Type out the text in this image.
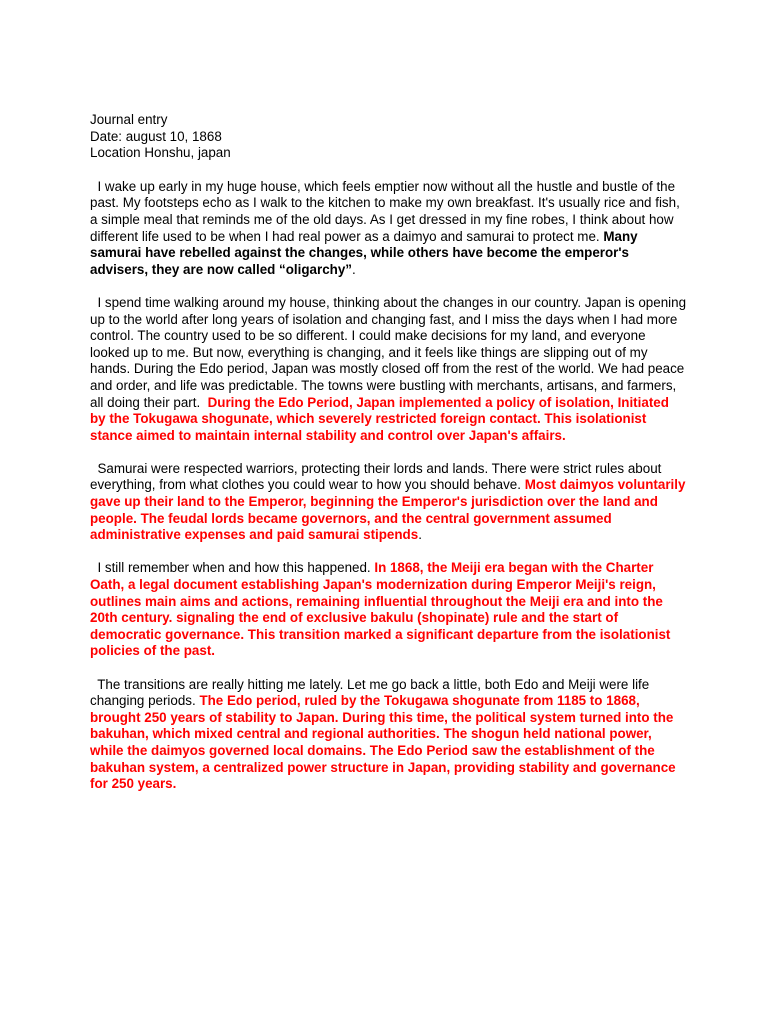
Journal entry
Date: august 10, 1868
Location Honshu, japan

I wake up early in my huge house, which feels emptier now without all the hustle and bustle of the past. My footsteps echo as I walk to the kitchen to make my own breakfast. It's usually rice and fish, a simple meal that reminds me of the old days. As I get dressed in my fine robes, I think about how different life used to be when I had real power as a daimyo and samurai to protect me. Many samurai have rebelled against the changes, while others have become the emperor's advisers, they are now called “oligarchy”.

I spend time walking around my house, thinking about the changes in our country. Japan is opening up to the world after long years of isolation and changing fast, and I miss the days when I had more control. The country used to be so different. I could make decisions for my land, and everyone looked up to me. But now, everything is changing, and it feels like things are slipping out of my hands. During the Edo period, Japan was mostly closed off from the rest of the world. We had peace and order, and life was predictable. The towns were bustling with merchants, artisans, and farmers, all doing their part.  During the Edo Period, Japan implemented a policy of isolation, Initiated by the Tokugawa shogunate, which severely restricted foreign contact. This isolationist stance aimed to maintain internal stability and control over Japan's affairs.

Samurai were respected warriors, protecting their lords and lands. There were strict rules about everything, from what clothes you could wear to how you should behave. Most daimyos voluntarily gave up their land to the Emperor, beginning the Emperor's jurisdiction over the land and people. The feudal lords became governors, and the central government assumed administrative expenses and paid samurai stipends.

I still remember when and how this happened. In 1868, the Meiji era began with the Charter Oath, a legal document establishing Japan's modernization during Emperor Meiji's reign, outlines main aims and actions, remaining influential throughout the Meiji era and into the 20th century. signaling the end of exclusive bakulu (shopinate) rule and the start of democratic governance. This transition marked a significant departure from the isolationist policies of the past.

The transitions are really hitting me lately. Let me go back a little, both Edo and Meiji were life changing periods. The Edo period, ruled by the Tokugawa shogunate from 1185 to 1868, brought 250 years of stability to Japan. During this time, the political system turned into the bakuhan, which mixed central and regional authorities. The shogun held national power, while the daimyos governed local domains. The Edo Period saw the establishment of the bakuhan system, a centralized power structure in Japan, providing stability and governance for 250 years.
